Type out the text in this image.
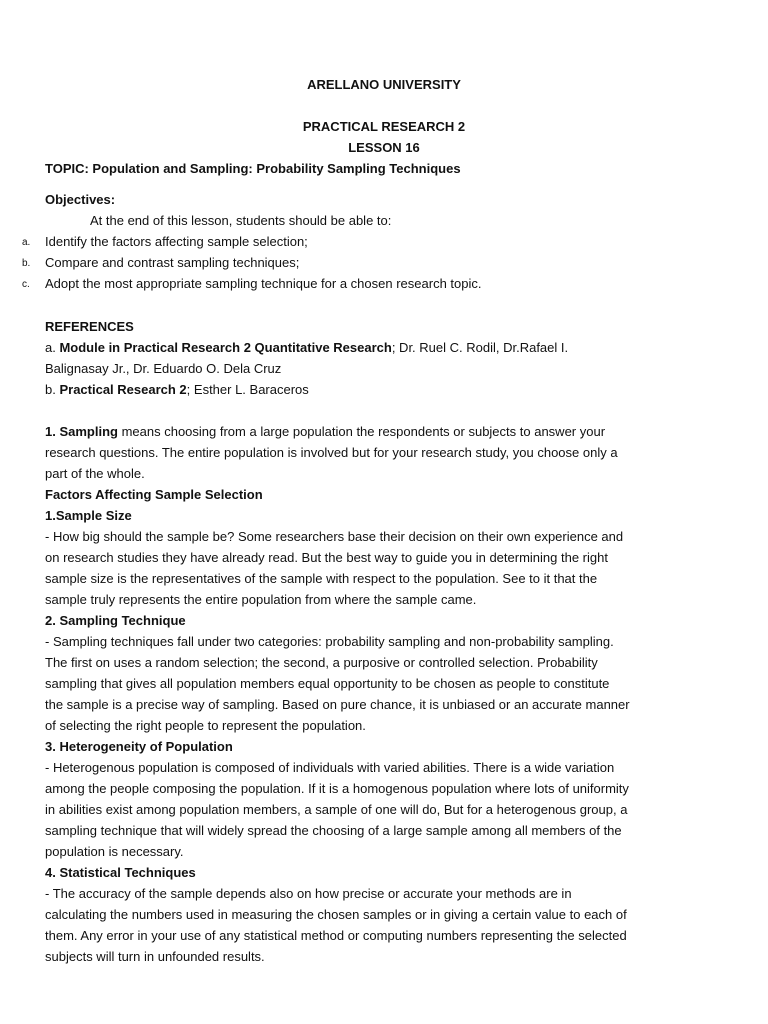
ARELLANO UNIVERSITY
PRACTICAL RESEARCH 2
LESSON 16
TOPIC: Population and Sampling: Probability Sampling Techniques
Objectives:
At the end of this lesson, students should be able to:
a. Identify the factors affecting sample selection;
b. Compare and contrast sampling techniques;
c. Adopt the most appropriate sampling technique for a chosen research topic.
REFERENCES
a. Module in Practical Research 2 Quantitative Research; Dr. Ruel C. Rodil, Dr.Rafael I.
Balignasay Jr., Dr. Eduardo O. Dela Cruz
b. Practical Research 2; Esther L. Baraceros
1. Sampling means choosing from a large population the respondents or subjects to answer your
research questions. The entire population is involved but for your research study, you choose only a
part of the whole.
Factors Affecting Sample Selection
1.Sample Size
- How big should the sample be? Some researchers base their decision on their own experience and
on research studies they have already read. But the best way to guide you in determining the right
sample size is the representatives of the sample with respect to the population. See to it that the
sample truly represents the entire population from where the sample came.
2. Sampling Technique
- Sampling techniques fall under two categories: probability sampling and non-probability sampling.
The first on uses a random selection; the second, a purposive or controlled selection. Probability
sampling that gives all population members equal opportunity to be chosen as people to constitute
the sample is a precise way of sampling. Based on pure chance, it is unbiased or an accurate manner
of selecting the right people to represent the population.
3. Heterogeneity of Population
- Heterogenous population is composed of individuals with varied abilities. There is a wide variation
among the people composing the population. If it is a homogenous population where lots of uniformity
in abilities exist among population members, a sample of one will do, But for a heterogenous group, a
sampling technique that will widely spread the choosing of a large sample among all members of the
population is necessary.
4. Statistical Techniques
- The accuracy of the sample depends also on how precise or accurate your methods are in
calculating the numbers used in measuring the chosen samples or in giving a certain value to each of
them. Any error in your use of any statistical method or computing numbers representing the selected
subjects will turn in unfounded results.
